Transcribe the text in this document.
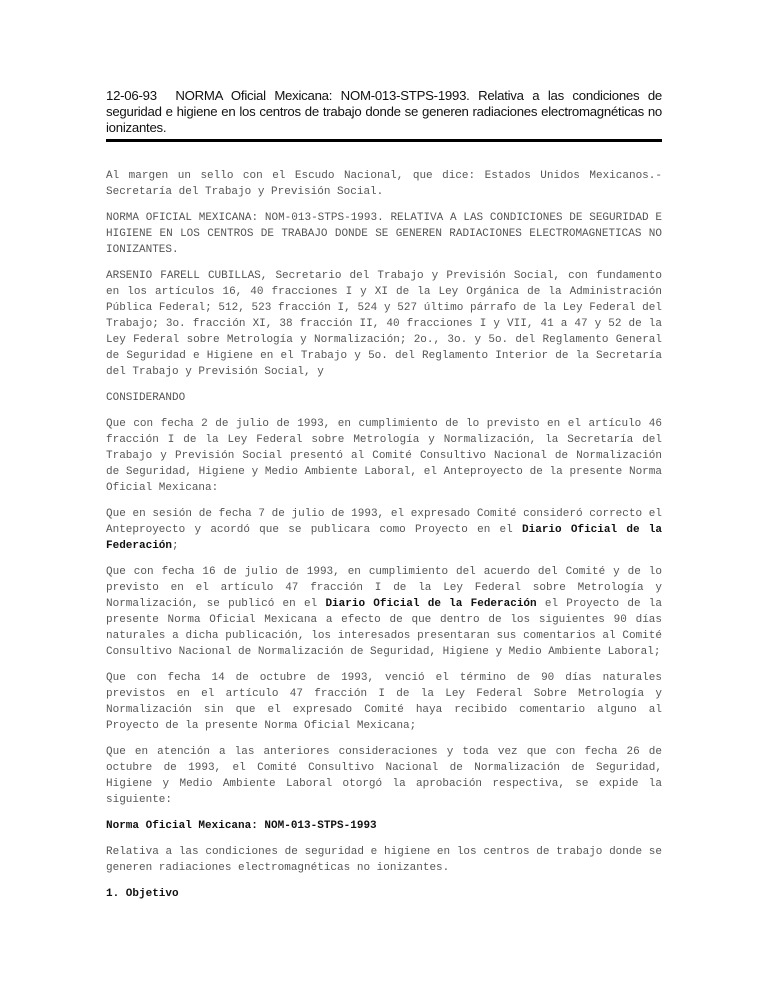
12-06-93 NORMA Oficial Mexicana: NOM-013-STPS-1993. Relativa a las condiciones de seguridad e higiene en los centros de trabajo donde se generen radiaciones electromagnéticas no ionizantes.

Al margen un sello con el Escudo Nacional, que dice: Estados Unidos Mexicanos.- Secretaría del Trabajo y Previsión Social.

NORMA OFICIAL MEXICANA: NOM-013-STPS-1993. RELATIVA A LAS CONDICIONES DE SEGURIDAD E HIGIENE EN LOS CENTROS DE TRABAJO DONDE SE GENEREN RADIACIONES ELECTROMAGNETICAS NO IONIZANTES.

ARSENIO FARELL CUBILLAS, Secretario del Trabajo y Previsión Social, con fundamento en los artículos 16, 40 fracciones I y XI de la Ley Orgánica de la Administración Pública Federal; 512, 523 fracción I, 524 y 527 último párrafo de la Ley Federal del Trabajo; 3o. fracción XI, 38 fracción II, 40 fracciones I y VII, 41 a 47 y 52 de la Ley Federal sobre Metrología y Normalización; 2o., 3o. y 5o. del Reglamento General de Seguridad e Higiene en el Trabajo y 5o. del Reglamento Interior de la Secretaría del Trabajo y Previsión Social, y

CONSIDERANDO

Que con fecha 2 de julio de 1993, en cumplimiento de lo previsto en el artículo 46 fracción I de la Ley Federal sobre Metrología y Normalización, la Secretaría del Trabajo y Previsión Social presentó al Comité Consultivo Nacional de Normalización de Seguridad, Higiene y Medio Ambiente Laboral, el Anteproyecto de la presente Norma Oficial Mexicana:

Que en sesión de fecha 7 de julio de 1993, el expresado Comité consideró correcto el Anteproyecto y acordó que se publicara como Proyecto en el Diario Oficial de la Federación;

Que con fecha 16 de julio de 1993, en cumplimiento del acuerdo del Comité y de lo previsto en el artículo 47 fracción I de la Ley Federal sobre Metrología y Normalización, se publicó en el Diario Oficial de la Federación el Proyecto de la presente Norma Oficial Mexicana a efecto de que dentro de los siguientes 90 días naturales a dicha publicación, los interesados presentaran sus comentarios al Comité Consultivo Nacional de Normalización de Seguridad, Higiene y Medio Ambiente Laboral;

Que con fecha 14 de octubre de 1993, venció el término de 90 días naturales previstos en el artículo 47 fracción I de la Ley Federal Sobre Metrología y Normalización sin que el expresado Comité haya recibido comentario alguno al Proyecto de la presente Norma Oficial Mexicana;

Que en atención a las anteriores consideraciones y toda vez que con fecha 26 de octubre de 1993, el Comité Consultivo Nacional de Normalización de Seguridad, Higiene y Medio Ambiente Laboral otorgó la aprobación respectiva, se expide la siguiente:

Norma Oficial Mexicana: NOM-013-STPS-1993

Relativa a las condiciones de seguridad e higiene en los centros de trabajo donde se generen radiaciones electromagnéticas no ionizantes.

1. Objetivo
